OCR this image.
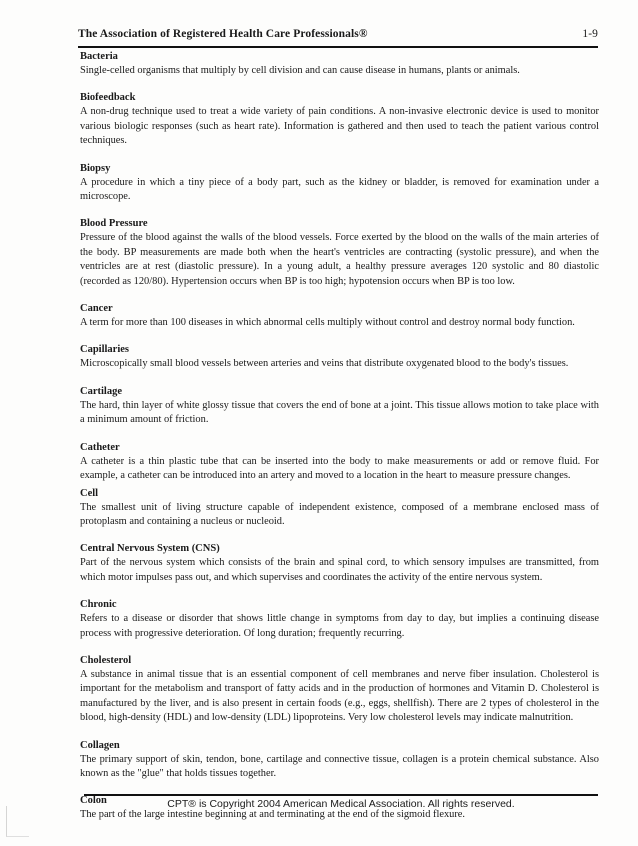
The Association of Registered Health Care Professionals®	1-9

Bacteria

Single-celled organisms that multiply by cell division and can cause disease in humans, plants or animals.

Biofeedback

A non-drug technique used to treat a wide variety of pain conditions. A non-invasive electronic device is used to monitor various biologic responses (such as heart rate). Information is gathered and then used to teach the patient various control techniques.

Biopsy

A procedure in which a tiny piece of a body part, such as the kidney or bladder, is removed for examination under a microscope.

Blood Pressure

Pressure of the blood against the walls of the blood vessels. Force exerted by the blood on the walls of the main arteries of the body. BP measurements are made both when the heart's ventricles are contracting (systolic pressure), and when the ventricles are at rest (diastolic pressure). In a young adult, a healthy pressure averages 120 systolic and 80 diastolic (recorded as 120/80). Hypertension occurs when BP is too high; hypotension occurs when BP is too low.

Cancer

A term for more than 100 diseases in which abnormal cells multiply without control and destroy normal body function.

Capillaries

Microscopically small blood vessels between arteries and veins that distribute oxygenated blood to the body's tissues.

Cartilage

The hard, thin layer of white glossy tissue that covers the end of bone at a joint. This tissue allows motion to take place with a minimum amount of friction.

Catheter

A catheter is a thin plastic tube that can be inserted into the body to make measurements or add or remove fluid. For example, a catheter can be introduced into an artery and moved to a location in the heart to measure pressure changes.

Cell

The smallest unit of living structure capable of independent existence, composed of a membrane enclosed mass of protoplasm and containing a nucleus or nucleoid.

Central Nervous System (CNS)

Part of the nervous system which consists of the brain and spinal cord, to which sensory impulses are transmitted, from which motor impulses pass out, and which supervises and coordinates the activity of the entire nervous system.

Chronic

Refers to a disease or disorder that shows little change in symptoms from day to day, but implies a continuing disease process with progressive deterioration. Of long duration; frequently recurring.

Cholesterol

A substance in animal tissue that is an essential component of cell membranes and nerve fiber insulation. Cholesterol is important for the metabolism and transport of fatty acids and in the production of hormones and Vitamin D. Cholesterol is manufactured by the liver, and is also present in certain foods (e.g., eggs, shellfish). There are 2 types of cholesterol in the blood, high-density (HDL) and low-density (LDL) lipoproteins. Very low cholesterol levels may indicate malnutrition.

Collagen

The primary support of skin, tendon, bone, cartilage and connective tissue, collagen is a protein chemical substance. Also known as the "glue" that holds tissues together.

Colon

The part of the large intestine beginning at and terminating at the end of the sigmoid flexure.

CPT® is Copyright 2004 American Medical Association. All rights reserved.
